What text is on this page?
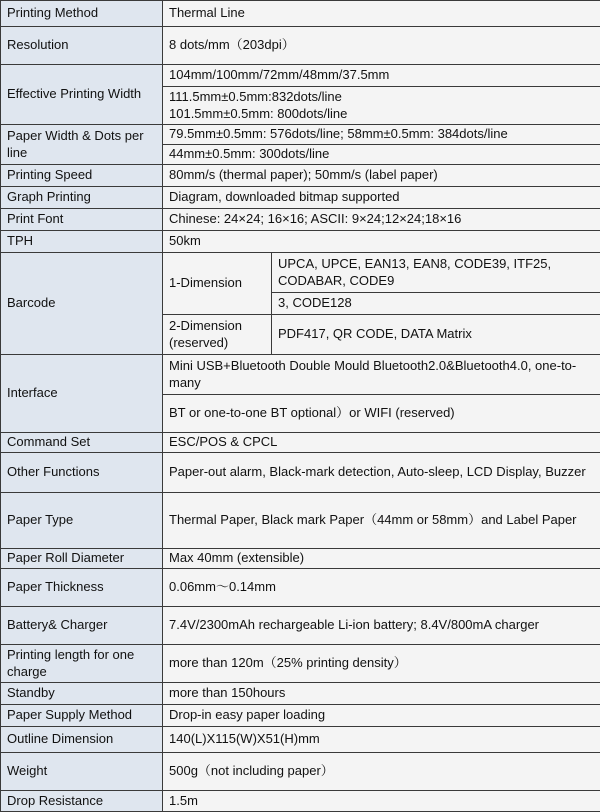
Printing Method	Thermal Line	
Resolution	8 dots/mm（203dpi）	
Effective Printing Width	104mm/100mm/72mm/48mm/37.5mm	

	111.5mm±0.5mm:832dots/line
101.5mm±0.5mm: 800dots/line	

Paper Width & Dots per line	79.5mm±0.5mm: 576dots/line; 58mm±0.5mm: 384dots/line	
	44mm±0.5mm: 300dots/line	
Printing Speed	80mm/s (thermal paper); 50mm/s (label paper)	
Graph Printing	Diagram, downloaded bitmap supported	
Print Font	Chinese: 24×24; 16×16; ASCII: 9×24;12×24;18×16	
TPH	50km	
Barcode	1-Dimension	UPCA, UPCE, EAN13, EAN8, CODE39, ITF25, CODABAR, CODE9
		3, CODE128
	2-Dimension (reserved)	PDF417, QR CODE, DATA Matrix
Interface	Mini USB+Bluetooth Double Mould Bluetooth2.0&Bluetooth4.0, one-to-many	
	BT or one-to-one BT optional）or WIFI (reserved)	
Command Set	ESC/POS & CPCL	
Other Functions	Paper-out alarm, Black-mark detection, Auto-sleep, LCD Display, Buzzer	
Paper Type	Thermal Paper, Black mark Paper（44mm or 58mm）and Label Paper	
Paper Roll Diameter	Max 40mm (extensible)	
Paper Thickness	0.06mm～0.14mm	
Battery& Charger	7.4V/2300mAh rechargeable Li-ion battery; 8.4V/800mA charger	
Printing length for one charge	more than 120m（25% printing density）	
Standby	more than 150hours	
Paper Supply Method	Drop-in easy paper loading	
Outline Dimension	140(L)X115(W)X51(H)mm	
Weight	500g（not including paper）	
Drop Resistance	1.5m	
